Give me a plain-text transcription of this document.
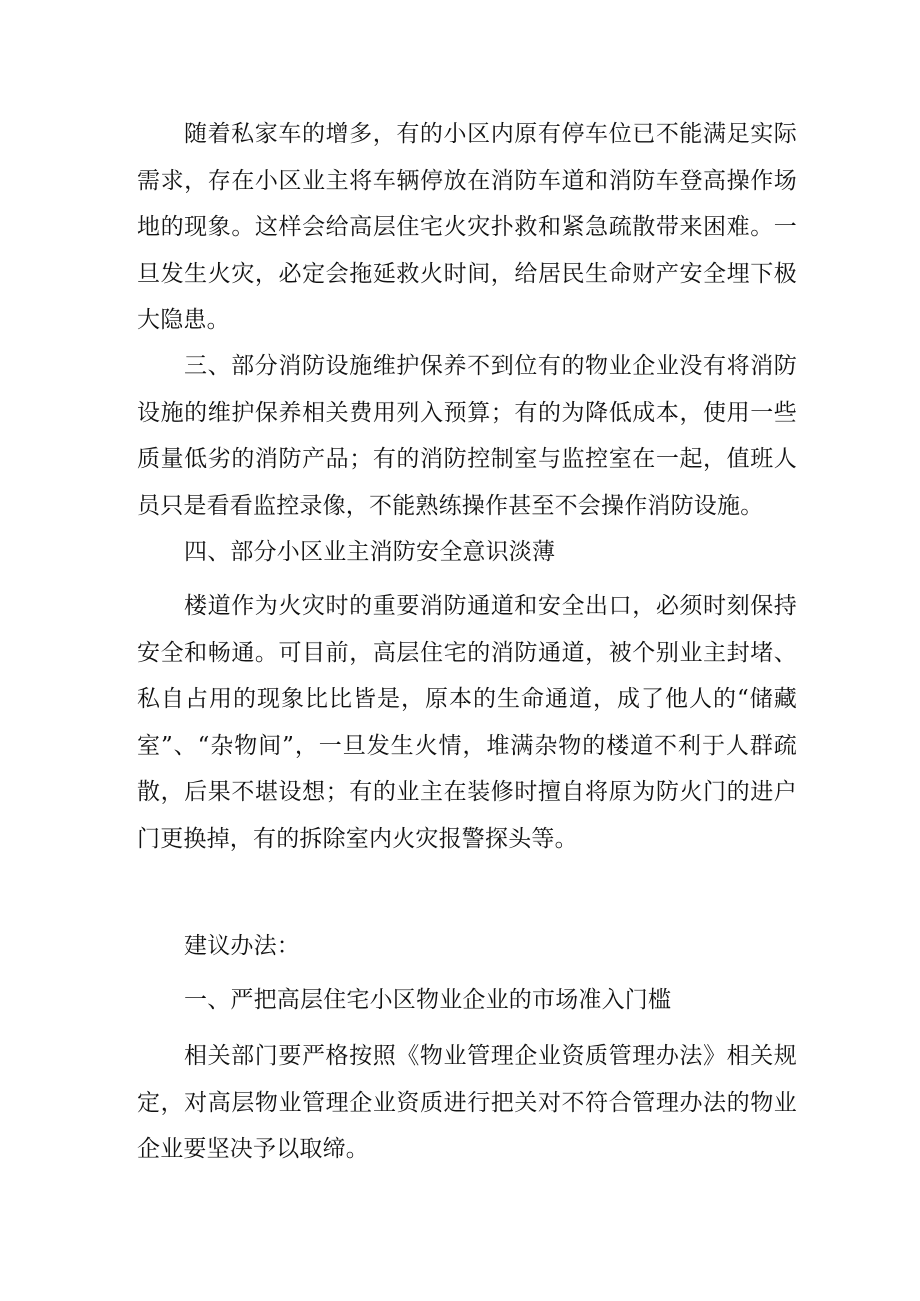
随着私家车的增多，有的小区内原有停车位已不能满足实际需求，存在小区业主将车辆停放在消防车道和消防车登高操作场地的现象。这样会给高层住宅火灾扑救和紧急疏散带来困难。一旦发生火灾，必定会拖延救火时间，给居民生命财产安全埋下极大隐患。

三、部分消防设施维护保养不到位有的物业企业没有将消防设施的维护保养相关费用列入预算；有的为降低成本，使用一些质量低劣的消防产品；有的消防控制室与监控室在一起，值班人员只是看看监控录像，不能熟练操作甚至不会操作消防设施。

四、部分小区业主消防安全意识淡薄

楼道作为火灾时的重要消防通道和安全出口，必须时刻保持安全和畅通。可目前，高层住宅的消防通道，被个别业主封堵、私自占用的现象比比皆是，原本的生命通道，成了他人的“储藏室”、“杂物间”，一旦发生火情，堆满杂物的楼道不利于人群疏散，后果不堪设想；有的业主在装修时擅自将原为防火门的进户门更换掉，有的拆除室内火灾报警探头等。

建议办法：

一、严把高层住宅小区物业企业的市场准入门槛

相关部门要严格按照《物业管理企业资质管理办法》相关规定，对高层物业管理企业资质进行把关对不符合管理办法的物业企业要坚决予以取缔。
